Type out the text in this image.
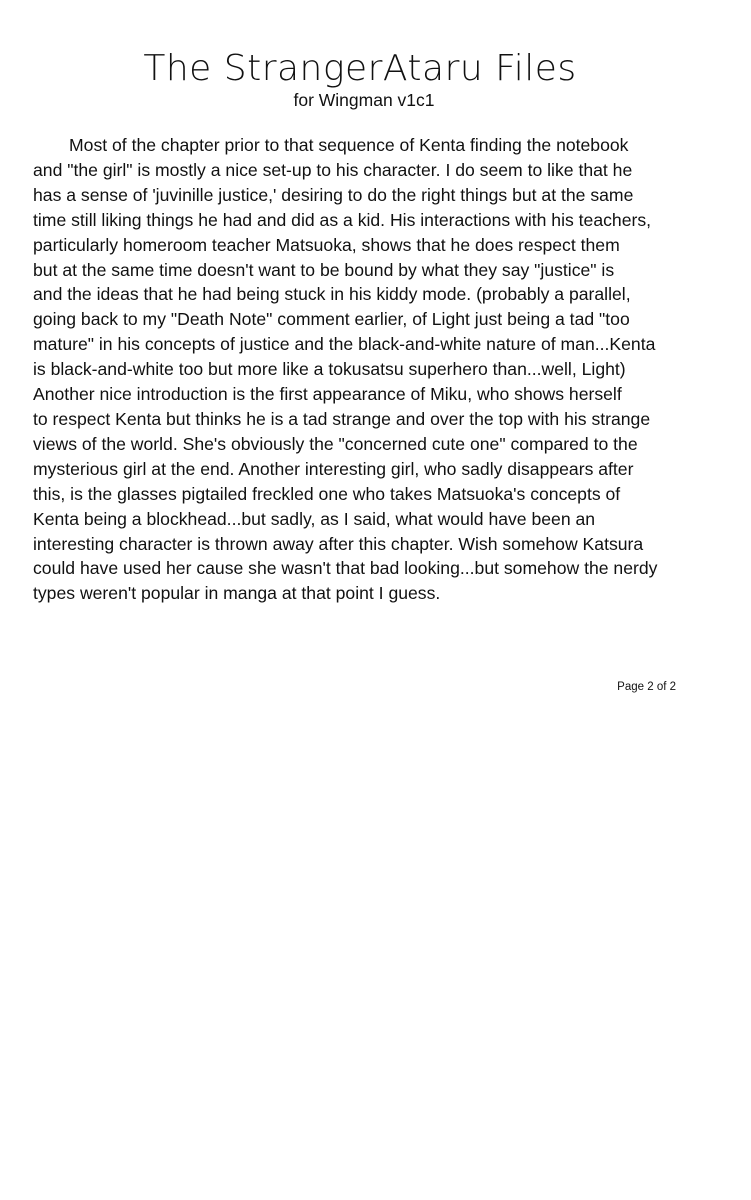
The StrangerAtaru Files
for Wingman v1c1
Most of the chapter prior to that sequence of Kenta finding the notebook
and "the girl" is mostly a nice set-up to his character. I do seem to like that he
has a sense of 'juvinille justice,' desiring to do the right things but at the same
time still liking things he had and did as a kid. His interactions with his teachers,
particularly homeroom teacher Matsuoka, shows that he does respect them
but at the same time doesn't want to be bound by what they say "justice" is
and the ideas that he had being stuck in his kiddy mode. (probably a parallel,
going back to my "Death Note" comment earlier, of Light just being a tad "too
mature" in his concepts of justice and the black-and-white nature of man...Kenta
is black-and-white too but more like a tokusatsu superhero than...well, Light)
Another nice introduction is the first appearance of Miku, who shows herself
to respect Kenta but thinks he is a tad strange and over the top with his strange
views of the world. She's obviously the "concerned cute one" compared to the
mysterious girl at the end. Another interesting girl, who sadly disappears after
this, is the glasses pigtailed freckled one who takes Matsuoka's concepts of
Kenta being a blockhead...but sadly, as I said, what would have been an
interesting character is thrown away after this chapter. Wish somehow Katsura
could have used her cause she wasn't that bad looking...but somehow the nerdy
types weren't popular in manga at that point I guess.
Page 2 of 2
